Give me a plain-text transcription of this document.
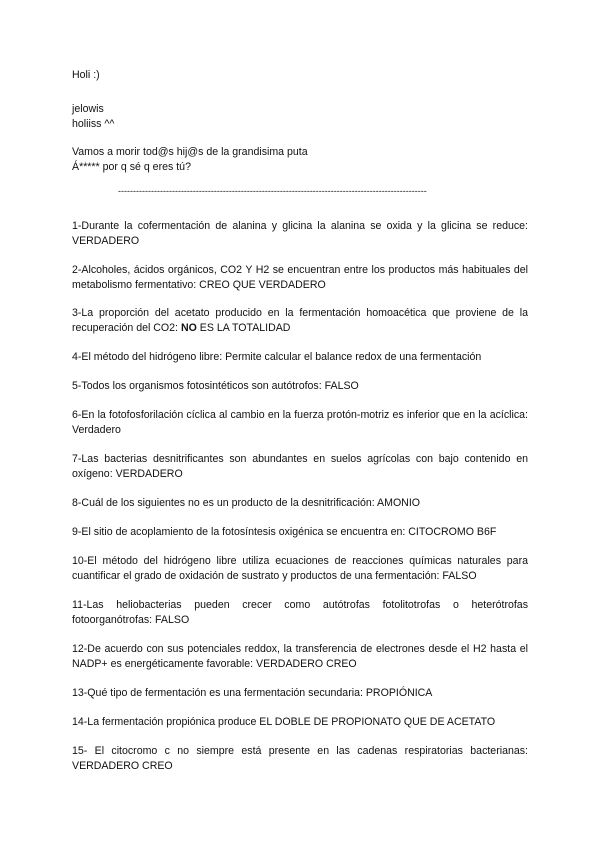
Holi :)

jelowis

holiiss ^^

Vamos a morir tod@s hij@s de la grandisima puta

Á***** por q sé q eres tú?

-------------------------------------------------------------------------------------------------------

1-Durante la cofermentación de alanina y glicina la alanina se oxida y la glicina se reduce: VERDADERO

2-Alcoholes, ácidos orgánicos, CO2 Y H2 se encuentran entre los productos más habituales del metabolismo fermentativo: CREO QUE VERDADERO

3-La proporción del acetato producido en la fermentación homoacética que proviene de la recuperación del CO2: NO ES LA TOTALIDAD

4-El método del hidrógeno libre: Permite calcular el balance redox de una fermentación

5-Todos los organismos fotosintéticos son autótrofos: FALSO

6-En la fotofosforilación cíclica al cambio en la fuerza protón-motriz es inferior que en la acíclica: Verdadero

7-Las bacterias desnitrificantes son abundantes en suelos agrícolas con bajo contenido en oxígeno: VERDADERO

8-Cuál de los siguientes no es un producto de la desnitrificación: AMONIO

9-El sitio de acoplamiento de la fotosíntesis oxigénica se encuentra en: CITOCROMO B6F

10-El método del hidrógeno libre utiliza ecuaciones de reacciones químicas naturales para cuantificar el grado de oxidación de sustrato y productos de una fermentación: FALSO

11-Las heliobacterias pueden crecer como autótrofas fotolitotrofas o heterótrofas fotoorganótrofas: FALSO

12-De acuerdo con sus potenciales reddox, la transferencia de electrones desde el H2 hasta el NADP+ es energéticamente favorable: VERDADERO CREO

13-Qué tipo de fermentación es una fermentación secundaria: PROPIÓNICA

14-La fermentación propiónica produce EL DOBLE DE PROPIONATO QUE DE ACETATO

15- El citocromo c no siempre está presente en las cadenas respiratorias bacterianas: VERDADERO CREO
